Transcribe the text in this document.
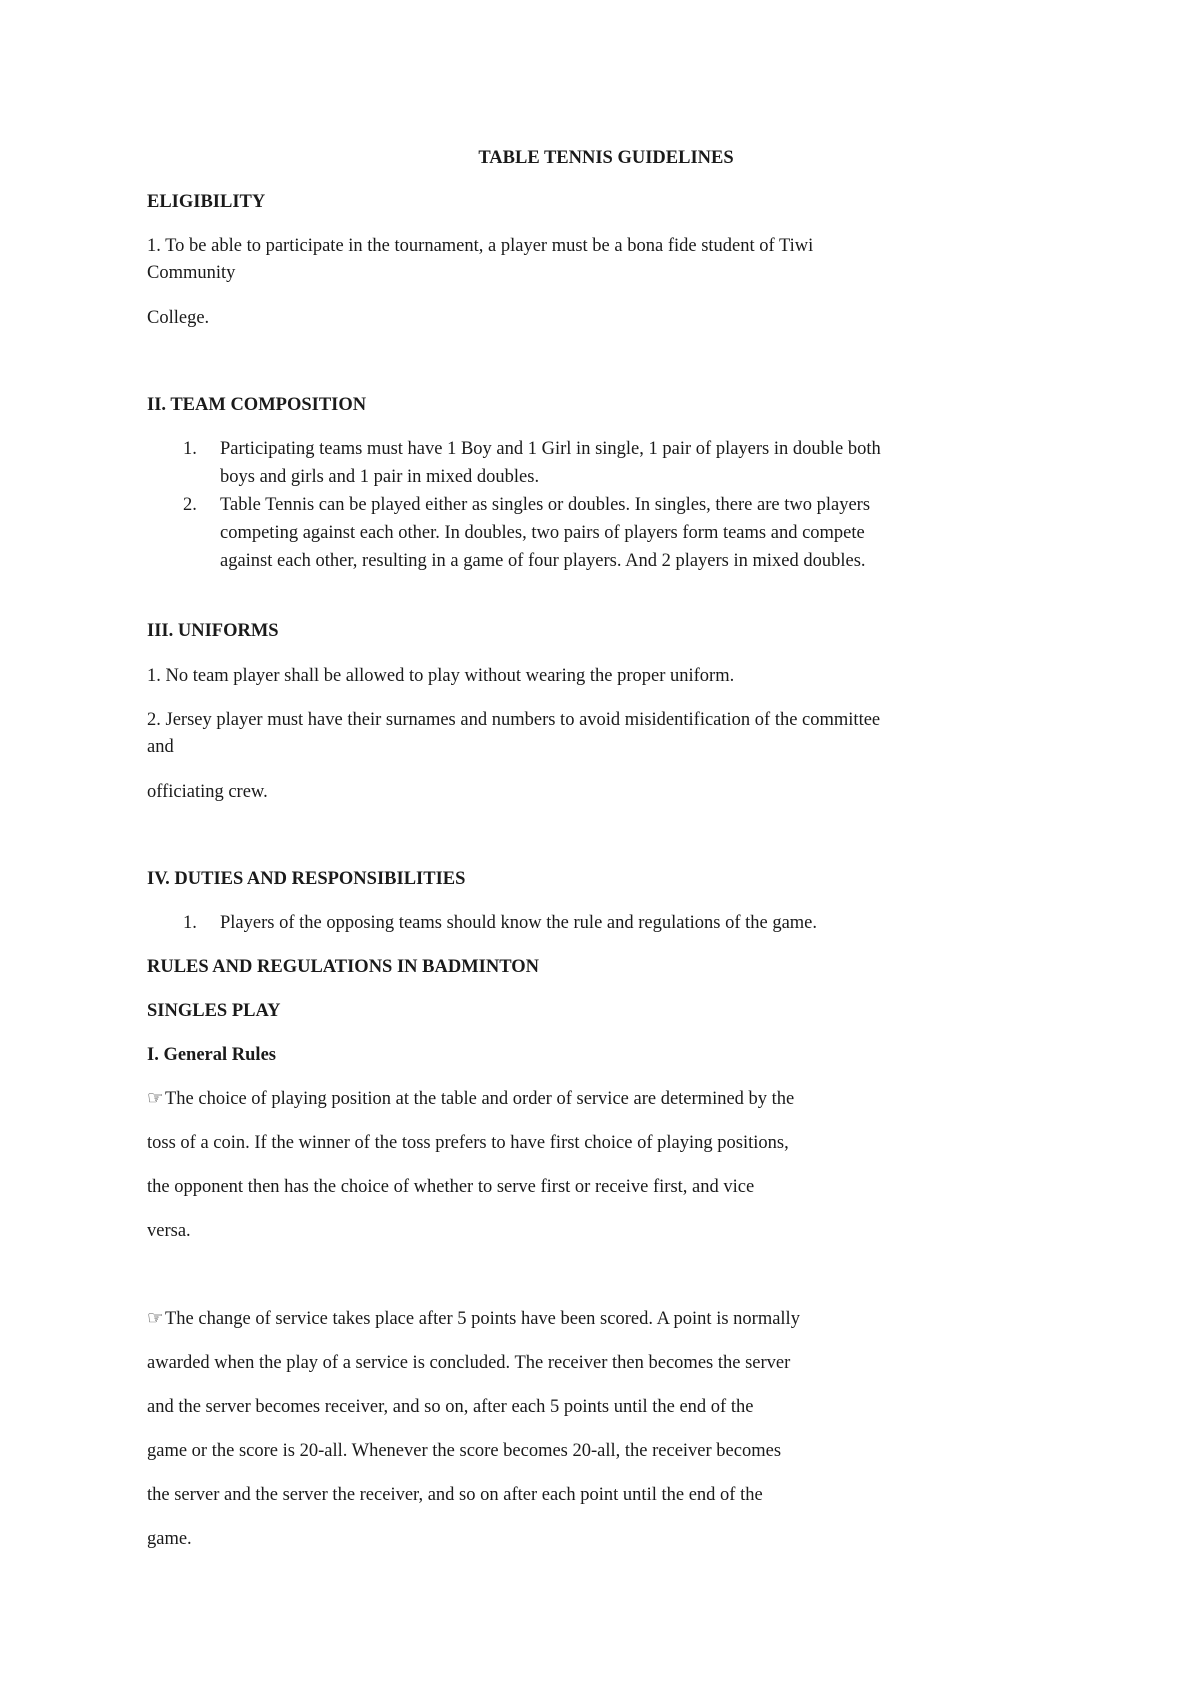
TABLE TENNIS GUIDELINES

ELIGIBILITY

1. To be able to participate in the tournament, a player must be a bona fide student of Tiwi

Community

College.

II. TEAM COMPOSITION

1. Participating teams must have 1 Boy and 1 Girl in single, 1 pair of players in double both

boys and girls and 1 pair in mixed doubles.

2. Table Tennis can be played either as singles or doubles. In singles, there are two players

competing against each other. In doubles, two pairs of players form teams and compete

against each other, resulting in a game of four players. And 2 players in mixed doubles.

III. UNIFORMS

1. No team player shall be allowed to play without wearing the proper uniform.

2. Jersey player must have their surnames and numbers to avoid misidentification of the committee

and

officiating crew.

IV. DUTIES AND RESPONSIBILITIES

1. Players of the opposing teams should know the rule and regulations of the game.

RULES AND REGULATIONS IN BADMINTON

SINGLES PLAY

I. General Rules

☞The choice of playing position at the table and order of service are determined by the

toss of a coin. If the winner of the toss prefers to have first choice of playing positions,

the opponent then has the choice of whether to serve first or receive first, and vice

versa.

☞The change of service takes place after 5 points have been scored. A point is normally

awarded when the play of a service is concluded. The receiver then becomes the server

and the server becomes receiver, and so on, after each 5 points until the end of the

game or the score is 20-all. Whenever the score becomes 20-all, the receiver becomes

the server and the server the receiver, and so on after each point until the end of the

game.
